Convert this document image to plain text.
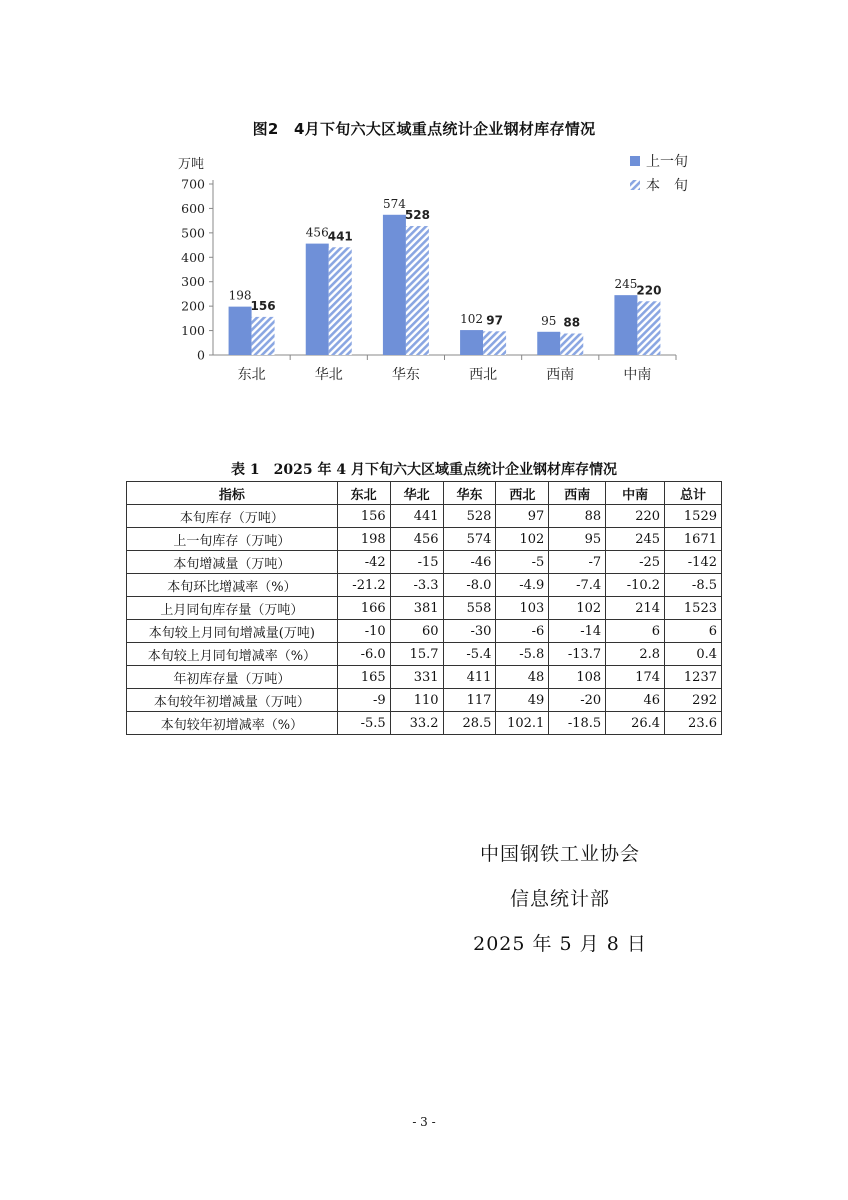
图2　4月下旬六大区域重点统计企业钢材库存情况
万吨
0
100
200
300
400
500
600
700
东北
198
156
华北
456 441
华东
574
528
西北
102 97
西南
95 88
中南
245 220
上一旬
本　旬
表 1　2025 年 4 月下旬六大区域重点统计企业钢材库存情况
指标	东北	华北	华东	西北	西南	中南	总计
本旬库存（万吨）	156	441	528	97	88	220	1529
上一旬库存（万吨）	198	456	574	102	95	245	1671
本旬增减量（万吨）	-42	-15	-46	-5	-7	-25	-142
本旬环比增减率（%）	-21.2	-3.3	-8.0	-4.9	-7.4	-10.2	-8.5
上月同旬库存量（万吨）	166	381	558	103	102	214	1523
本旬较上月同旬增减量(万吨)	-10	60	-30	-6	-14	6	6
本旬较上月同旬增减率（%）	-6.0	15.7	-5.4	-5.8	-13.7	2.8	0.4
年初库存量（万吨）	165	331	411	48	108	174	1237
本旬较年初增减量（万吨）	-9	110	117	49	-20	46	292
本旬较年初增减率（%）	-5.5	33.2	28.5	102.1	-18.5	26.4	23.6
中国钢铁工业协会
信息统计部
2025 年 5 月 8 日
- 3 -
